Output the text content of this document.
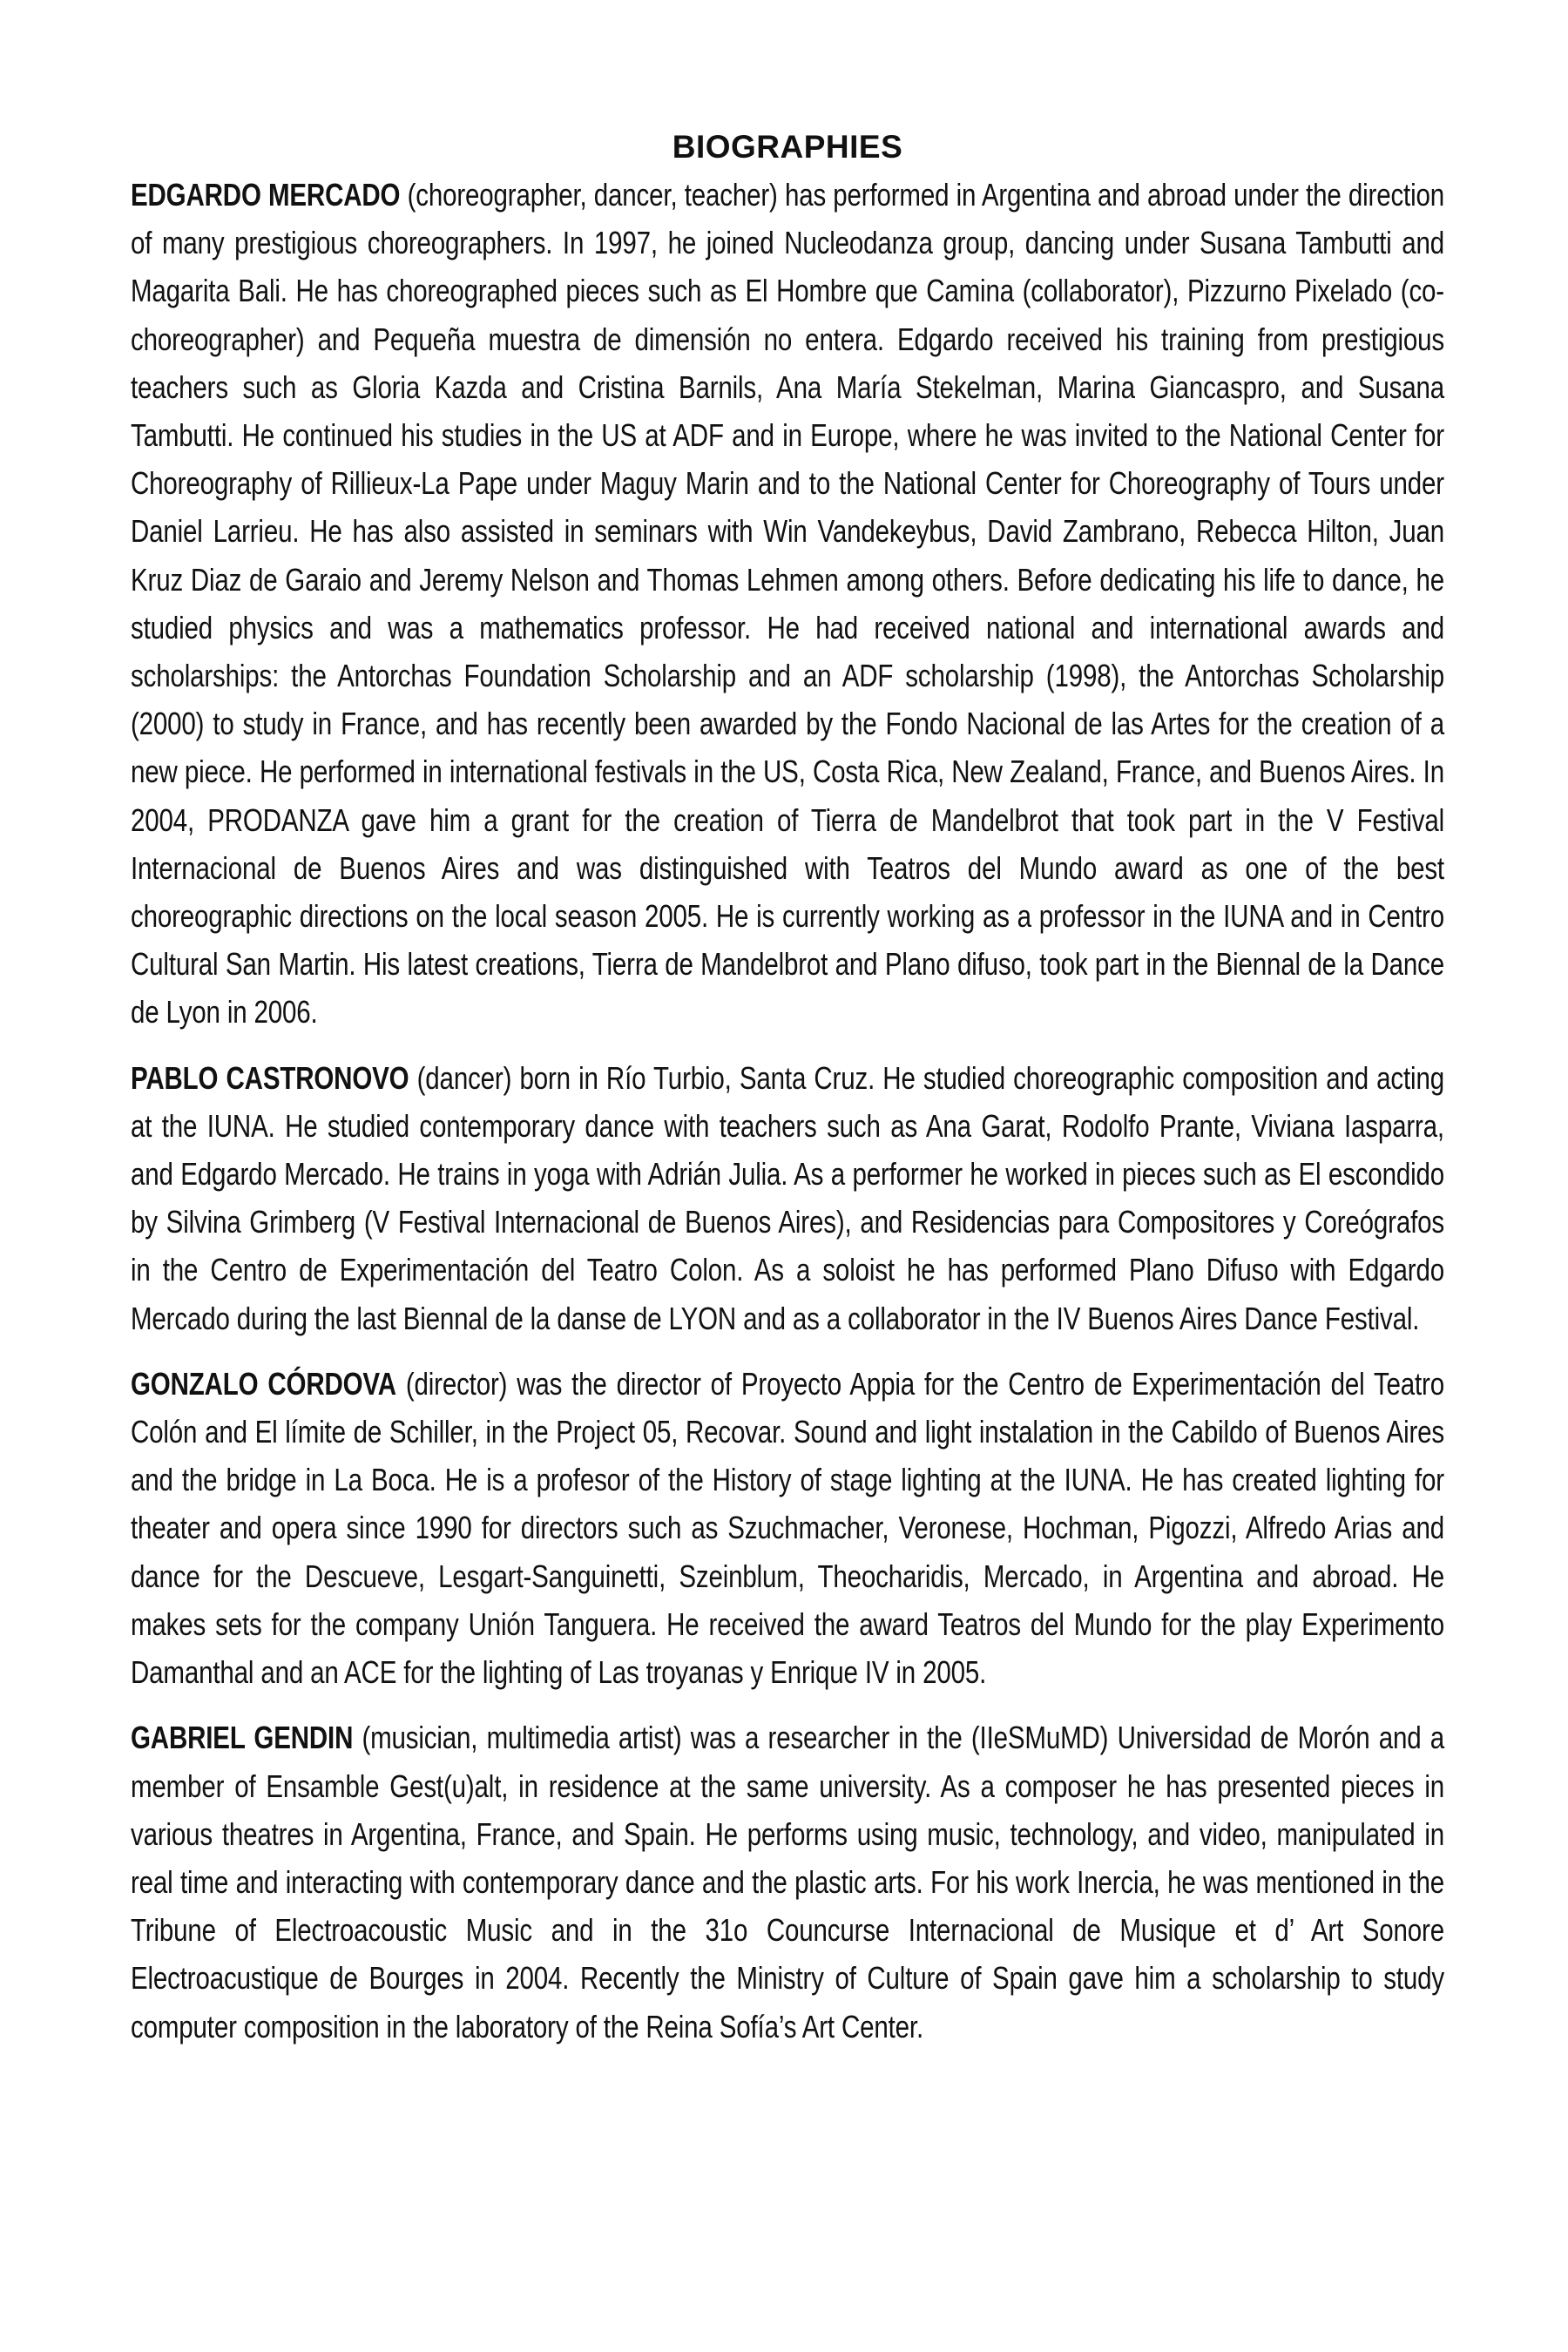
BIOGRAPHIES

EDGARDO MERCADO (choreographer, dancer, teacher) has performed in Argentina and abroad under the direction of many prestigious choreographers. In 1997, he joined Nucleodanza group, dancing under Susana Tambutti and Magarita Bali. He has choreographed pieces such as El Hombre que Camina (collaborator), Pizzurno Pixelado (co-choreographer) and Pequeña muestra de dimensión no entera. Edgardo received his training from prestigious teachers such as Gloria Kazda and Cristina Barnils, Ana María Stekelman, Marina Giancaspro, and Susana Tambutti. He continued his studies in the US at ADF and in Europe, where he was invited to the National Center for Choreography of Rillieux-La Pape under Maguy Marin and to the National Center for Choreography of Tours under Daniel Larrieu. He has also assisted in seminars with Win Vandekeybus, David Zambrano, Rebecca Hilton, Juan Kruz Diaz de Garaio and Jeremy Nelson and Thomas Lehmen among others. Before dedicating his life to dance, he studied physics and was a mathematics professor. He had received national and international awards and scholarships: the Antorchas Foundation Scholarship and an ADF scholarship (1998), the Antorchas Scholarship (2000) to study in France, and has recently been awarded by the Fondo Nacional de las Artes for the creation of a new piece. He performed in international festivals in the US, Costa Rica, New Zealand, France, and Buenos Aires. In 2004, PRODANZA gave him a grant for the creation of Tierra de Mandelbrot that took part in the V Festival Internacional de Buenos Aires and was distinguished with Teatros del Mundo award as one of the best choreographic directions on the local season 2005. He is currently working as a professor in the IUNA and in Centro Cultural San Martin. His latest creations, Tierra de Mandelbrot and Plano difuso, took part in the Biennal de la Dance de Lyon in 2006.

PABLO CASTRONOVO (dancer) born in Río Turbio, Santa Cruz. He studied choreographic composition and acting at the IUNA. He studied contemporary dance with teachers such as Ana Garat, Rodolfo Prante, Viviana Iasparra, and Edgardo Mercado. He trains in yoga with Adrián Julia. As a performer he worked in pieces such as El escondido by Silvina Grimberg (V Festival Internacional de Buenos Aires), and Residencias para Compositores y Coreógrafos in the Centro de Experimentación del Teatro Colon. As a soloist he has performed Plano Difuso with Edgardo Mercado during the last Biennal de la danse de LYON and as a collaborator in the IV Buenos Aires Dance Festival.

GONZALO CÓRDOVA (director) was the director of Proyecto Appia for the Centro de Experimentación del Teatro Colón and El límite de Schiller, in the Project 05, Recovar. Sound and light instalation in the Cabildo of Buenos Aires and the bridge in La Boca. He is a profesor of the History of stage lighting at the IUNA. He has created lighting for theater and opera since 1990 for directors such as Szuchmacher, Veronese, Hochman, Pigozzi, Alfredo Arias and dance for the Descueve, Lesgart-Sanguinetti, Szeinblum, Theocharidis, Mercado, in Argentina and abroad. He makes sets for the company Unión Tanguera. He received the award Teatros del Mundo for the play Experimento Damanthal and an ACE for the lighting of Las troyanas y Enrique IV in 2005.

GABRIEL GENDIN (musician, multimedia artist) was a researcher in the (IIeSMuMD) Universidad de Morón and a member of Ensamble Gest(u)alt, in residence at the same university. As a composer he has presented pieces in various theatres in Argentina, France, and Spain. He performs using music, technology, and video, manipulated in real time and interacting with contemporary dance and the plastic arts. For his work Inercia, he was mentioned in the Tribune of Electroacoustic Music and in the 31o Councurse Internacional de Musique et d’ Art Sonore Electroacustique de Bourges in 2004. Recently the Ministry of Culture of Spain gave him a scholarship to study computer composition in the laboratory of the Reina Sofía’s Art Center.
